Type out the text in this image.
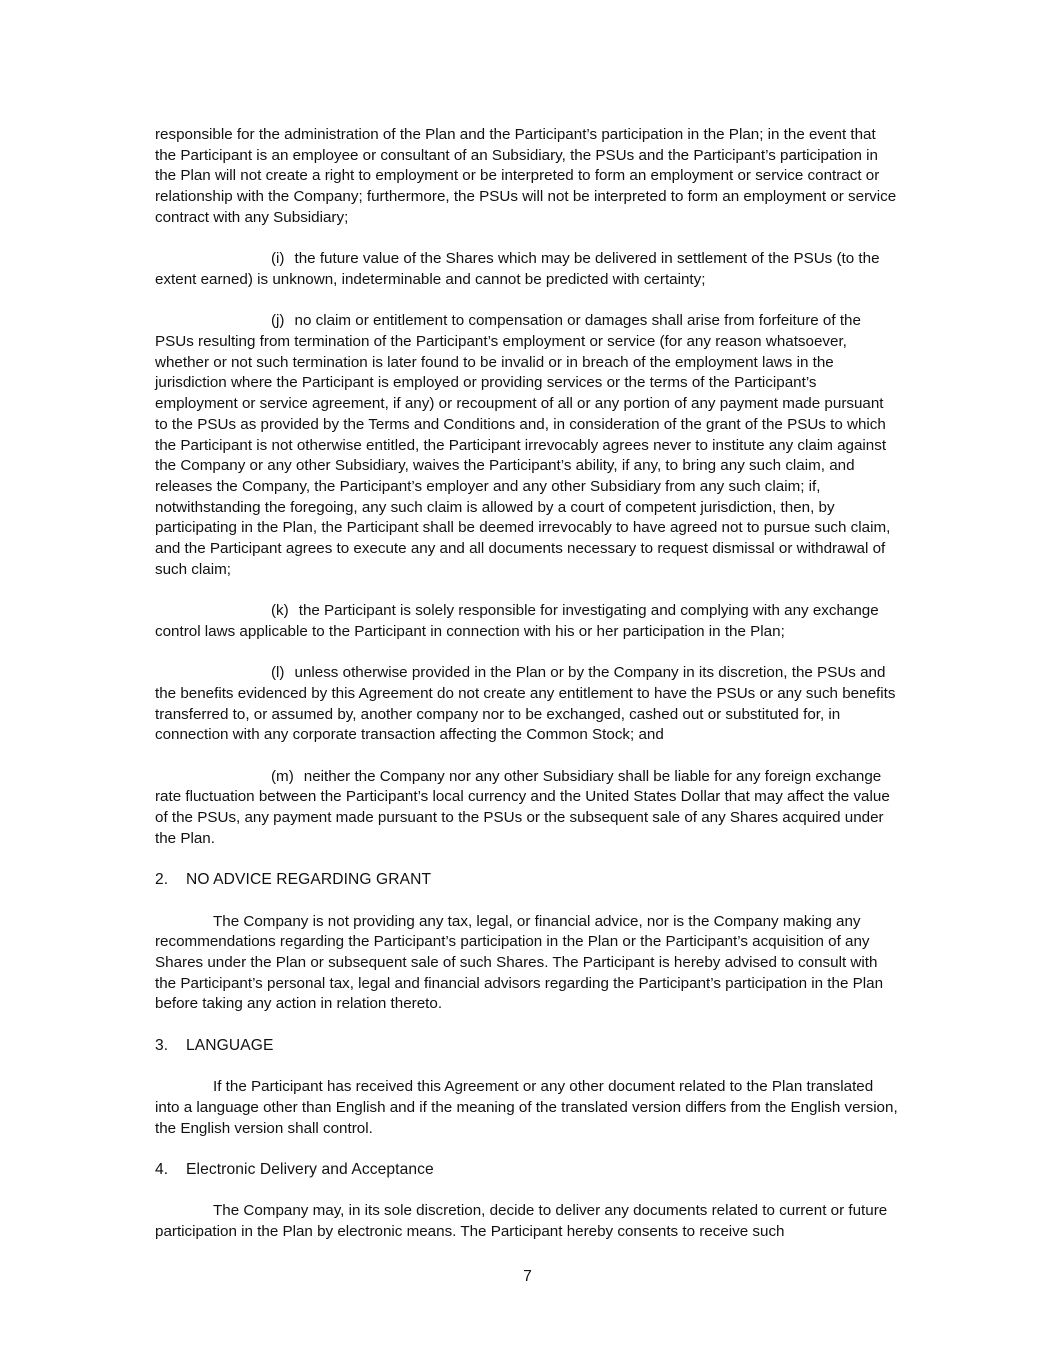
responsible for the administration of the Plan and the Participant’s participation in the Plan; in the event that the Participant is an employee or consultant of an Subsidiary, the PSUs and the Participant’s participation in the Plan will not create a right to employment or be interpreted to form an employment or service contract or relationship with the Company; furthermore, the PSUs will not be interpreted to form an employment or service contract with any Subsidiary;

(i) the future value of the Shares which may be delivered in settlement of the PSUs (to the extent earned) is unknown, indeterminable and cannot be predicted with certainty;

(j) no claim or entitlement to compensation or damages shall arise from forfeiture of the PSUs resulting from termination of the Participant’s employment or service (for any reason whatsoever, whether or not such termination is later found to be invalid or in breach of the employment laws in the jurisdiction where the Participant is employed or providing services or the terms of the Participant’s employment or service agreement, if any) or recoupment of all or any portion of any payment made pursuant to the PSUs as provided by the Terms and Conditions and, in consideration of the grant of the PSUs to which the Participant is not otherwise entitled, the Participant irrevocably agrees never to institute any claim against the Company or any other Subsidiary, waives the Participant’s ability, if any, to bring any such claim, and releases the Company, the Participant’s employer and any other Subsidiary from any such claim; if, notwithstanding the foregoing, any such claim is allowed by a court of competent jurisdiction, then, by participating in the Plan, the Participant shall be deemed irrevocably to have agreed not to pursue such claim, and the Participant agrees to execute any and all documents necessary to request dismissal or withdrawal of such claim;

(k) the Participant is solely responsible for investigating and complying with any exchange control laws applicable to the Participant in connection with his or her participation in the Plan;

(l) unless otherwise provided in the Plan or by the Company in its discretion, the PSUs and the benefits evidenced by this Agreement do not create any entitlement to have the PSUs or any such benefits transferred to, or assumed by, another company nor to be exchanged, cashed out or substituted for, in connection with any corporate transaction affecting the Common Stock; and

(m) neither the Company nor any other Subsidiary shall be liable for any foreign exchange rate fluctuation between the Participant’s local currency and the United States Dollar that may affect the value of the PSUs, any payment made pursuant to the PSUs or the subsequent sale of any Shares acquired under the Plan.

2. NO ADVICE REGARDING GRANT

The Company is not providing any tax, legal, or financial advice, nor is the Company making any recommendations regarding the Participant’s participation in the Plan or the Participant’s acquisition of any Shares under the Plan or subsequent sale of such Shares. The Participant is hereby advised to consult with the Participant’s personal tax, legal and financial advisors regarding the Participant’s participation in the Plan before taking any action in relation thereto.

3. LANGUAGE

If the Participant has received this Agreement or any other document related to the Plan translated into a language other than English and if the meaning of the translated version differs from the English version, the English version shall control.

4. Electronic Delivery and Acceptance

The Company may, in its sole discretion, decide to deliver any documents related to current or future participation in the Plan by electronic means. The Participant hereby consents to receive such

7
